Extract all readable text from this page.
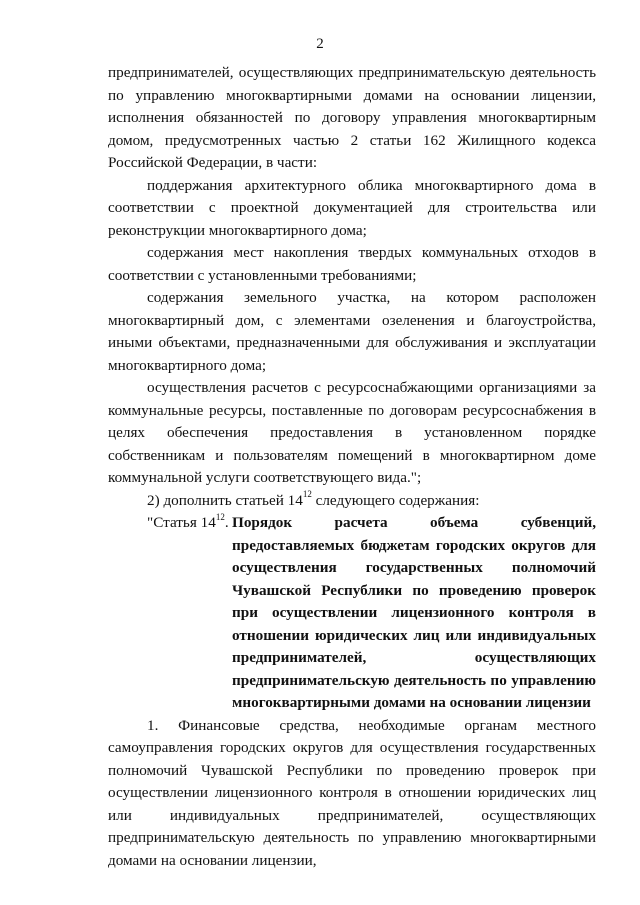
2

предпринимателей, осуществляющих предпринимательскую деятельность по управлению многоквартирными домами на основании лицензии, исполнения обязанностей по договору управления многоквартирным домом, предусмотренных частью 2 статьи 162 Жилищного кодекса Российской Федерации, в части:

поддержания архитектурного облика многоквартирного дома в соответствии с проектной документацией для строительства или реконструкции многоквартирного дома;

содержания мест накопления твердых коммунальных отходов в соответствии с установленными требованиями;

содержания земельного участка, на котором расположен многоквартирный дом, с элементами озеленения и благоустройства, иными объектами, предназначенными для обслуживания и эксплуатации многоквартирного дома;

осуществления расчетов с ресурсоснабжающими организациями за коммунальные ресурсы, поставленные по договорам ресурсоснабжения в целях обеспечения предоставления в установленном порядке собственникам и пользователям помещений в многоквартирном доме коммунальной услуги соответствующего вида.";

2) дополнить статьей $14^{12}$ следующего содержания:

"Статья $14^{12}$. Порядок расчета объема субвенций, предоставляемых бюджетам городских округов для осуществления государственных полномочий Чувашской Республики по проведению проверок при осуществлении лицензионного контроля в отношении юридических лиц или индивидуальных предпринимателей, осуществляющих предпринимательскую деятельность по управлению многоквартирными домами на основании лицензии

1. Финансовые средства, необходимые органам местного самоуправления городских округов для осуществления государственных полномочий Чувашской Республики по проведению проверок при осуществлении лицензионного контроля в отношении юридических лиц или индивидуальных предпринимателей, осуществляющих предпринимательскую деятельность по управлению многоквартирными домами на основании лицензии,
